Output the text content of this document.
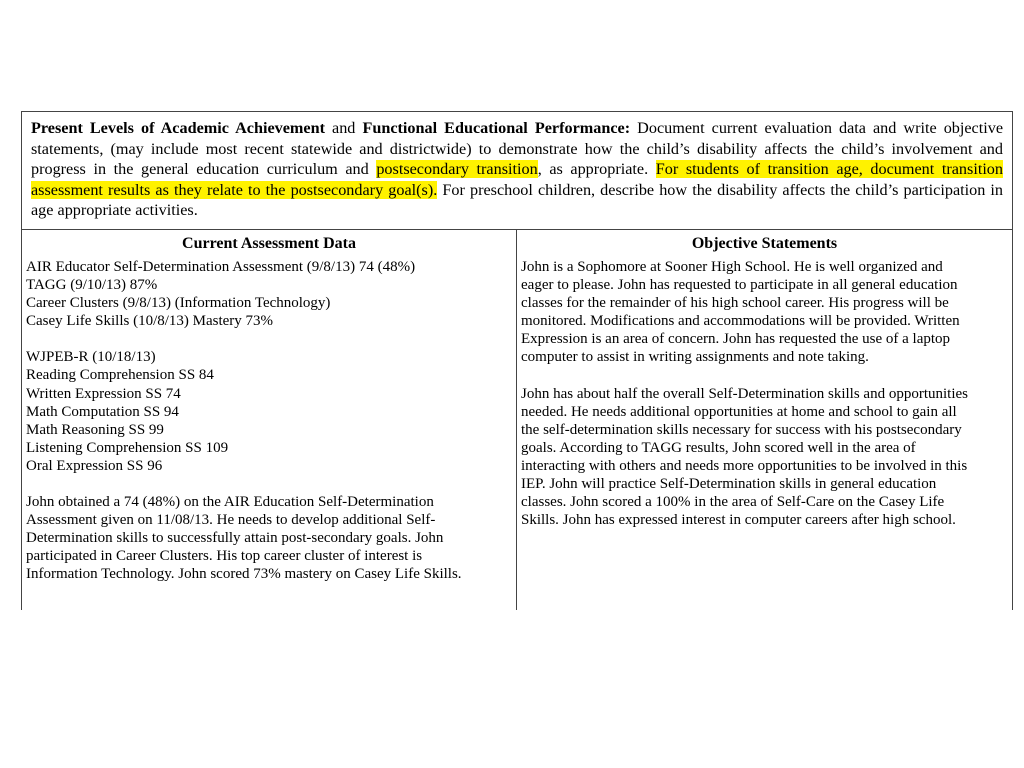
Present Levels of Academic Achievement and Functional Educational Performance: Document current evaluation data and write objective statements, (may include most recent statewide and districtwide) to demonstrate how the child’s disability affects the child’s involvement and progress in the general education curriculum and postsecondary transition, as appropriate. For students of transition age, document transition assessment results as they relate to the postsecondary goal(s). For preschool children, describe how the disability affects the child’s participation in age appropriate activities.
Current Assessment Data
AIR Educator Self-Determination Assessment (9/8/13) 74 (48%)
TAGG (9/10/13) 87%
Career Clusters (9/8/13) (Information Technology)
Casey Life Skills (10/8/13) Mastery 73%
WJPEB-R (10/18/13)
Reading Comprehension SS 84
Written Expression SS 74
Math Computation SS 94
Math Reasoning SS 99
Listening Comprehension SS 109
Oral Expression SS 96
John obtained a 74 (48%) on the AIR Education Self-Determination
Assessment given on 11/08/13. He needs to develop additional Self-
Determination skills to successfully attain post-secondary goals. John
participated in Career Clusters. His top career cluster of interest is
Information Technology. John scored 73% mastery on Casey Life Skills.
Objective Statements
John is a Sophomore at Sooner High School. He is well organized and
eager to please. John has requested to participate in all general education
classes for the remainder of his high school career. His progress will be
monitored. Modifications and accommodations will be provided. Written
Expression is an area of concern. John has requested the use of a laptop
computer to assist in writing assignments and note taking.
John has about half the overall Self-Determination skills and opportunities
needed. He needs additional opportunities at home and school to gain all
the self-determination skills necessary for success with his postsecondary
goals. According to TAGG results, John scored well in the area of
interacting with others and needs more opportunities to be involved in this
IEP. John will practice Self-Determination skills in general education
classes. John scored a 100% in the area of Self-Care on the Casey Life
Skills. John has expressed interest in computer careers after high school.
